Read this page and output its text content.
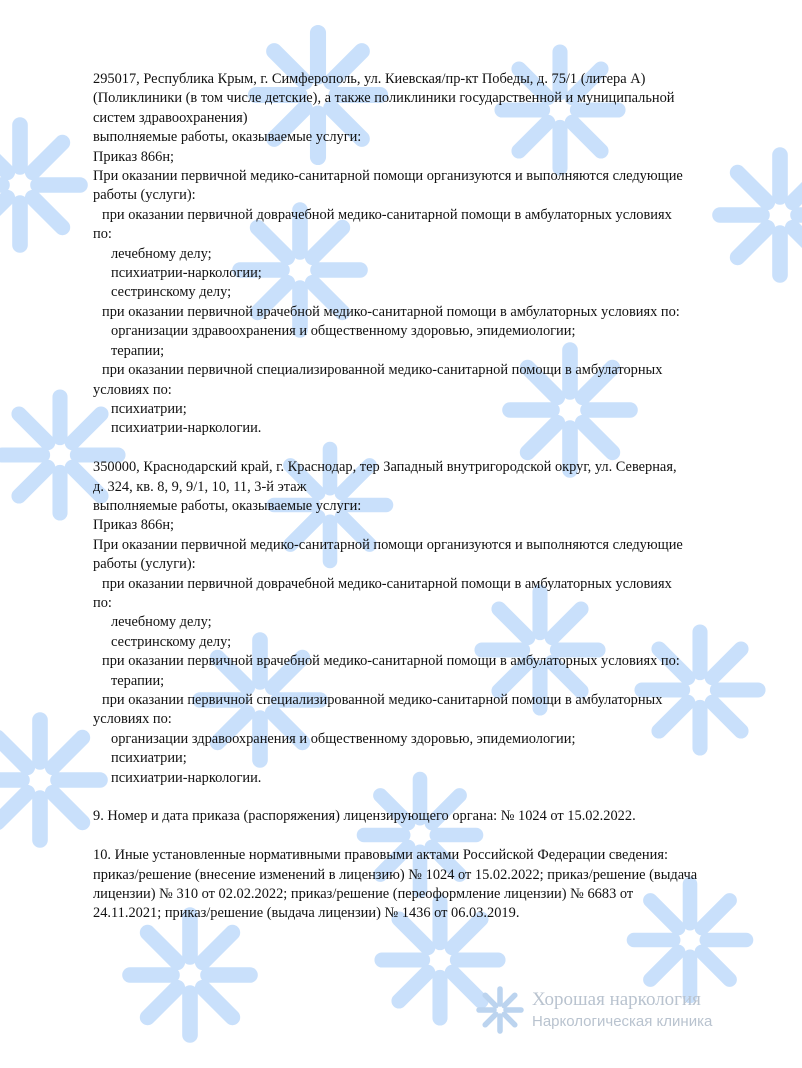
295017, Республика Крым, г. Симферополь, ул. Киевская/пр-кт Победы, д. 75/1 (литера А)
(Поликлиники (в том числе детские), а также поликлиники государственной и муниципальной
систем здравоохранения)
выполняемые работы, оказываемые услуги:
Приказ 866н;
При оказании первичной медико-санитарной помощи организуются и выполняются следующие
работы (услуги):
при оказании первичной доврачебной медико-санитарной помощи в амбулаторных условиях
по:
лечебному делу;
психиатрии-наркологии;
сестринскому делу;
при оказании первичной врачебной медико-санитарной помощи в амбулаторных условиях по:
организации здравоохранения и общественному здоровью, эпидемиологии;
терапии;
при оказании первичной специализированной медико-санитарной помощи в амбулаторных
условиях по:
психиатрии;
психиатрии-наркологии.
350000, Краснодарский край, г. Краснодар, тер Западный внутригородской округ, ул. Северная,
д. 324, кв. 8, 9, 9/1, 10, 11, 3-й этаж
выполняемые работы, оказываемые услуги:
Приказ 866н;
При оказании первичной медико-санитарной помощи организуются и выполняются следующие
работы (услуги):
при оказании первичной доврачебной медико-санитарной помощи в амбулаторных условиях
по:
лечебному делу;
сестринскому делу;
при оказании первичной врачебной медико-санитарной помощи в амбулаторных условиях по:
терапии;
при оказании первичной специализированной медико-санитарной помощи в амбулаторных
условиях по:
организации здравоохранения и общественному здоровью, эпидемиологии;
психиатрии;
психиатрии-наркологии.
9. Номер и дата приказа (распоряжения) лицензирующего органа: № 1024 от 15.02.2022.
10. Иные установленные нормативными правовыми актами Российской Федерации сведения:
приказ/решение (внесение изменений в лицензию) № 1024 от 15.02.2022; приказ/решение (выдача
лицензии) № 310 от 02.02.2022; приказ/решение (переоформление лицензии) № 6683 от
24.11.2021; приказ/решение (выдача лицензии) № 1436 от 06.03.2019.
Хорошая наркология
Наркологическая клиника
